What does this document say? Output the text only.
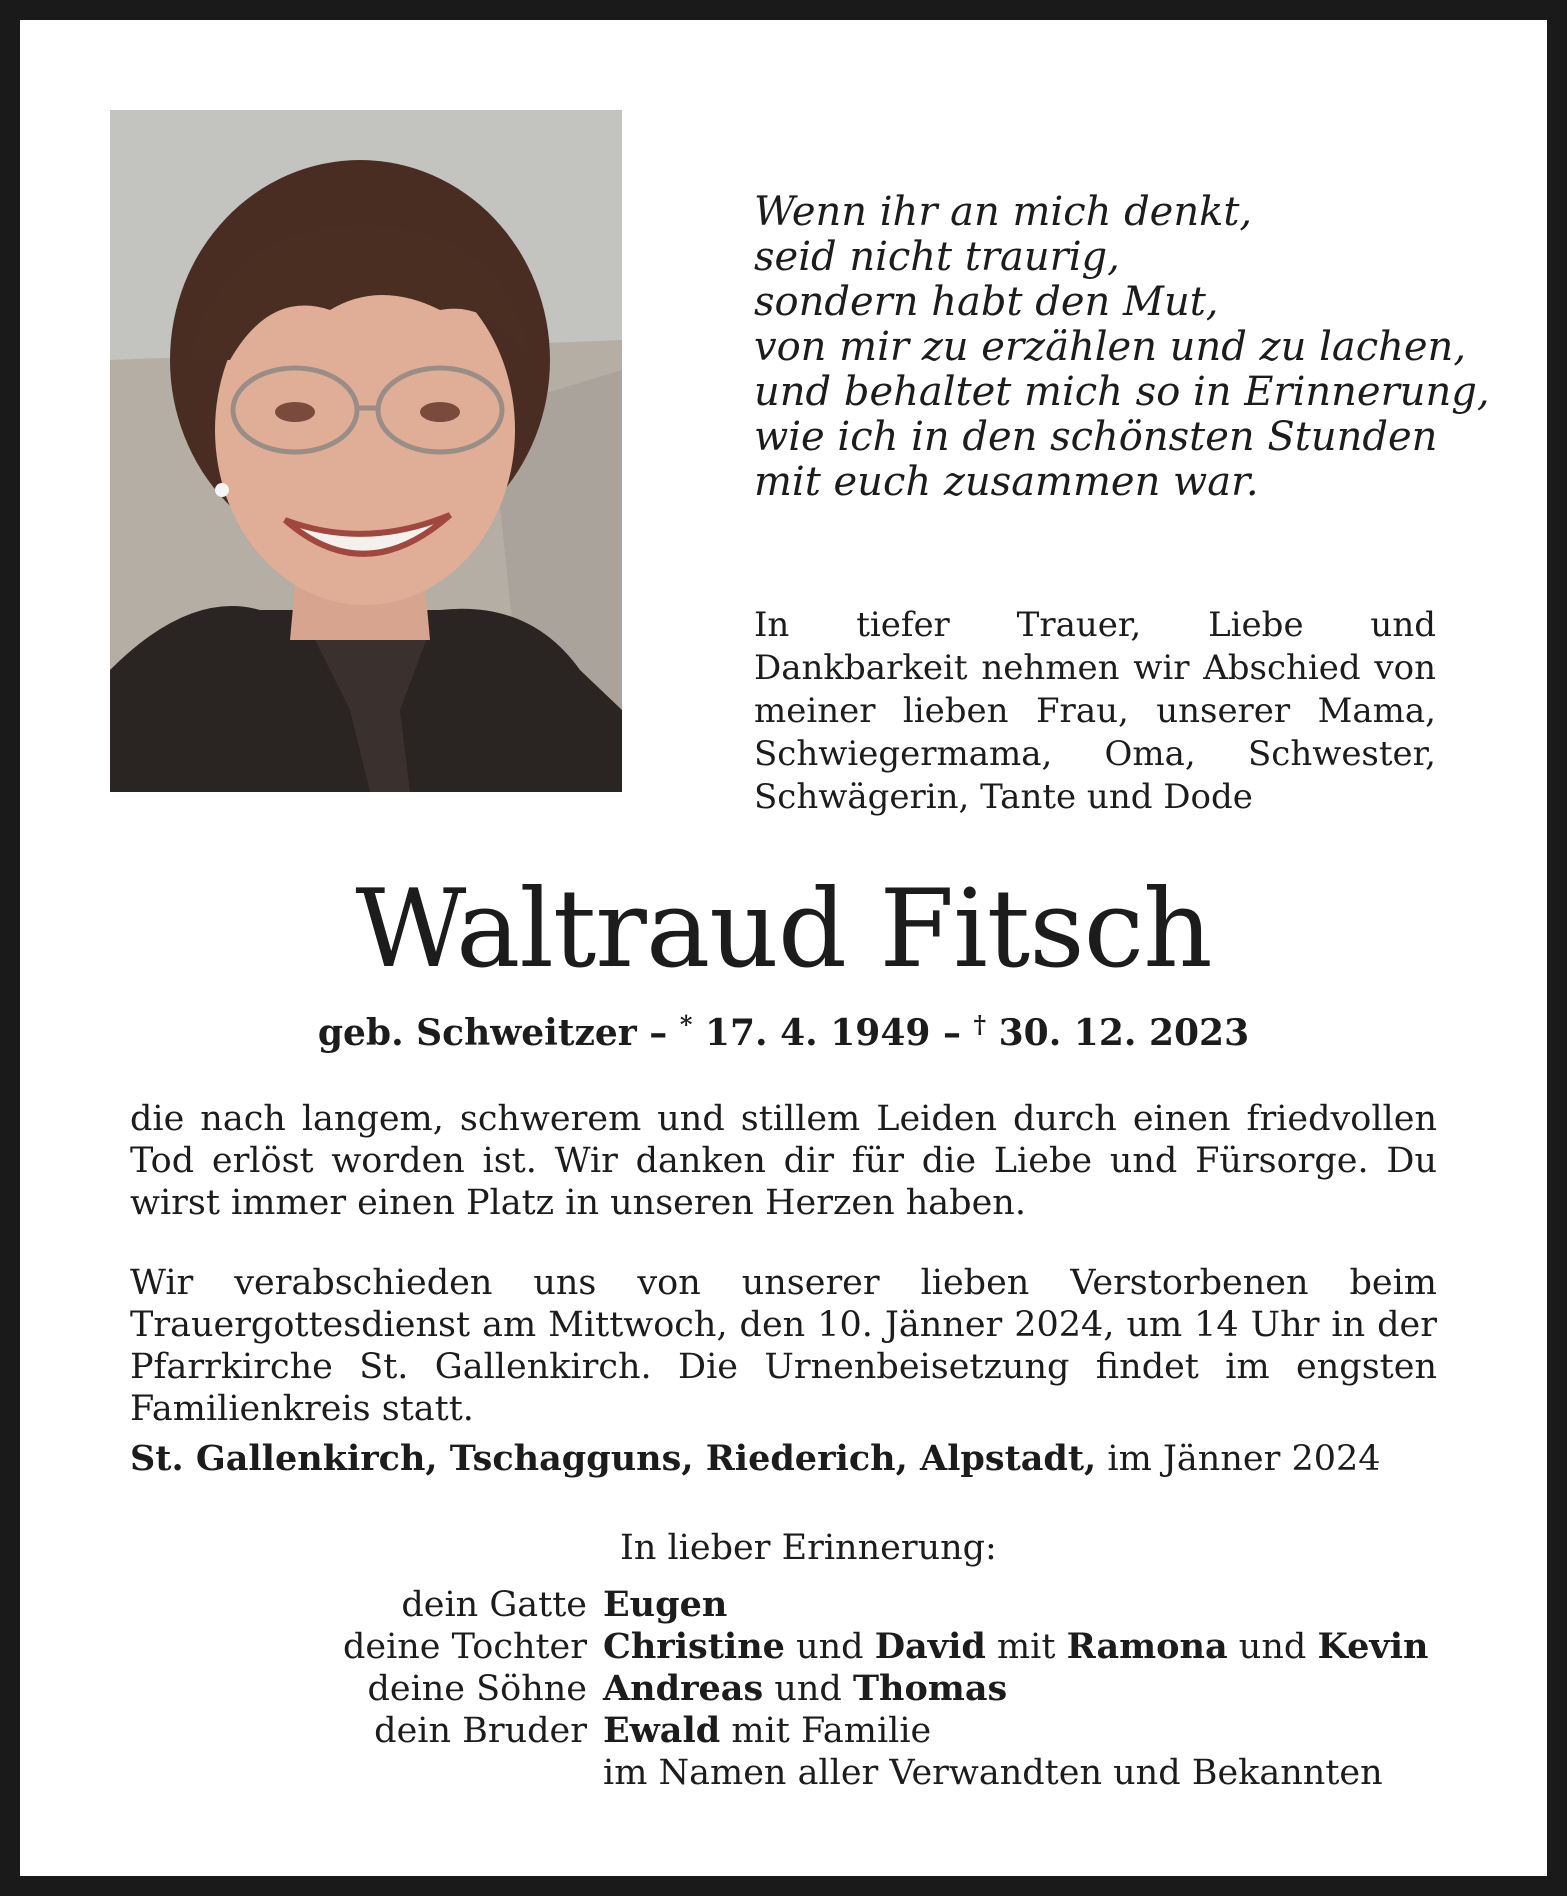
Wenn ihr an mich denkt,
seid nicht traurig,
sondern habt den Mut,
von mir zu erzählen und zu lachen,
und behaltet mich so in Erinnerung,
wie ich in den schönsten Stunden
mit euch zusammen war.
In tiefer Trauer, Liebe und Dankbarkeit nehmen wir Abschied von meiner lieben Frau, unserer Mama, Schwiegermama, Oma, Schwester, Schwägerin, Tante und Dode
Waltraud Fitsch
geb. Schweitzer – * 17. 4. 1949 – † 30. 12. 2023
die nach langem, schwerem und stillem Leiden durch einen friedvollen Tod erlöst worden ist. Wir danken dir für die Liebe und Fürsorge. Du wirst immer einen Platz in unseren Herzen haben.
Wir verabschieden uns von unserer lieben Verstorbenen beim Trauergottesdienst am Mittwoch, den 10. Jänner 2024, um 14 Uhr in der Pfarrkirche St. Gallenkirch. Die Urnenbeisetzung findet im engsten Familienkreis statt.
St. Gallenkirch, Tschagguns, Riederich, Alpstadt, im Jänner 2024
In lieber Erinnerung:
dein Gatte Eugen
deine Tochter Christine und David mit Ramona und Kevin
deine Söhne Andreas und Thomas
dein Bruder Ewald mit Familie
im Namen aller Verwandten und Bekannten
